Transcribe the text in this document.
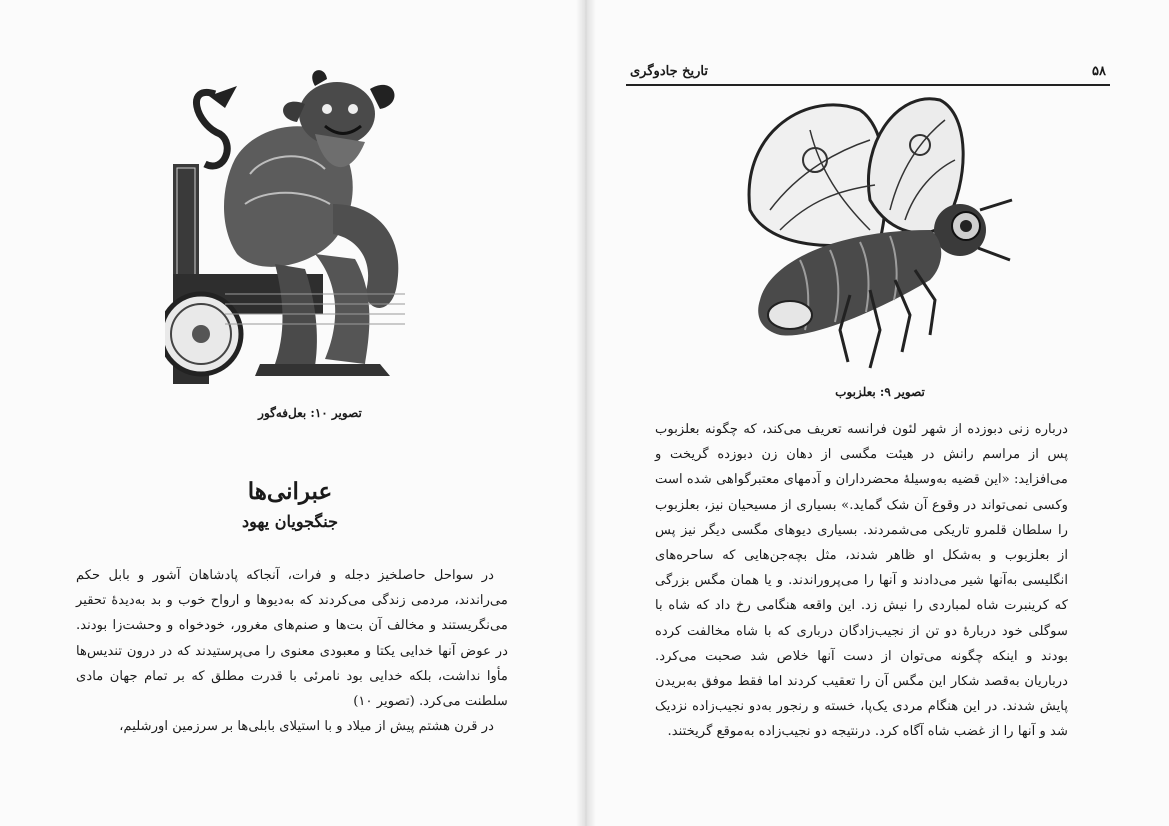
تصویر ۱۰: بعل‌فه‌گور
عبرانی‌ها
جنگجویان یهود

در سواحل حاصلخیز دجله و فرات، آنجاکه پادشاهان آشور و بابل حکم می‌راندند، مردمی زندگی می‌کردند که به‌دیوها و ارواح خوب و بد به‌دیدهٔ تحقیر می‌نگریستند و مخالف آن بت‌ها و صنم‌های مغرور، خودخواه و وحشت‌زا بودند. در عوض آنها خدایی یکتا و معبودی معنوی را می‌پرستیدند که در درون تندیس‌ها مأوا نداشت، بلکه خدایی بود نامرئی با قدرت مطلق که بر تمام جهان مادی سلطنت می‌کرد. (تصویر ۱۰)

در قرن هشتم پیش از میلاد و با استیلای بابلی‌ها بر سرزمین اورشلیم،

۵۸
تاریخ جادوگری
تصویر ۹: بعلزبوب

درباره زنی دبوزده از شهر لئون فرانسه تعریف می‌کند، که چگونه بعلزبوب پس از مراسم رانش در هیئت مگسی از دهان زن دبوزده گریخت و می‌افزاید: «این قضیه به‌وسیلهٔ محضرداران و آدمهای معتبرگواهی شده است وکسی نمی‌تواند در وقوع آن شک گماید.» بسیاری از مسیحیان نیز، بعلزبوب را سلطان قلمرو تاریکی می‌شمردند. بسیاری دیوهای مگسی دیگر نیز پس از بعلزبوب و به‌شکل او ظاهر شدند، مثل بچه‌جن‌هایی که ساحره‌های انگلیسی به‌آنها شیر می‌دادند و آنها را می‌پروراندند. و یا همان مگس بزرگی که کرینبرت شاه لمباردی را نیش زد. این واقعه هنگامی رخ داد که شاه با سوگلی خود دربارهٔ دو تن از نجیب‌زادگان درباری که با شاه مخالفت کرده بودند و اینکه چگونه می‌توان از دست آنها خلاص شد صحبت می‌کرد. درباریان به‌قصد شکار این مگس آن را تعقیب کردند اما فقط موفق به‌بریدن پایش شدند. در این هنگام مردی یک‌پا، خسته و رنجور به‌دو نجیب‌زاده نزدیک شد و آنها را از غضب شاه آگاه کرد. درنتیجه دو نجیب‌زاده به‌موقع گریختند.
